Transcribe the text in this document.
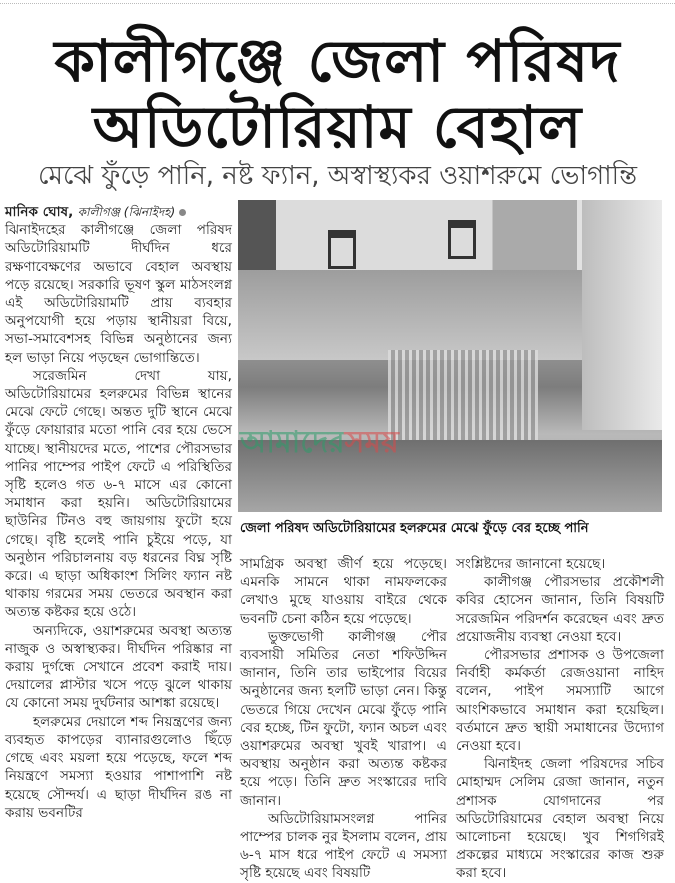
কালীগঞ্জে জেলা পরিষদ
অডিটোরিয়াম বেহাল
মেঝে ফুঁড়ে পানি, নষ্ট ফ্যান, অস্বাস্থ্যকর ওয়াশরুমে ভোগান্তি

মানিক ঘোষ, কালীগঞ্জ (ঝিনাইদহ)
ঝিনাইদহের কালীগঞ্জে জেলা পরিষদ অডিটোরিয়ামটি দীর্ঘদিন ধরে রক্ষণাবেক্ষণের অভাবে বেহাল অবস্থায় পড়ে রয়েছে। সরকারি ভূষণ স্কুল মাঠসংলগ্ন এই অডিটোরিয়ামটি প্রায় ব্যবহার অনুপযোগী হয়ে পড়ায় স্থানীয়রা বিয়ে, সভা-সমাবেশসহ বিভিন্ন অনুষ্ঠানের জন্য হল ভাড়া নিয়ে পড়ছেন ভোগান্তিতে।

সরেজমিন দেখা যায়, অডিটোরিয়ামের হলরুমের বিভিন্ন স্থানের মেঝে ফেটে গেছে। অন্তত দুটি স্থানে মেঝে ফুঁড়ে ফোয়ারার মতো পানি বের হয়ে ভেসে যাচ্ছে। স্থানীয়দের মতে, পাশের পৌরসভার পানির পাম্পের পাইপ ফেটে এ পরিস্থিতির সৃষ্টি হলেও গত ৬-৭ মাসে এর কোনো সমাধান করা হয়নি। অডিটোরিয়ামের ছাউনির টিনও বহু জায়গায় ফুটো হয়ে গেছে। বৃষ্টি হলেই পানি চুইয়ে পড়ে, যা অনুষ্ঠান পরিচালনায় বড় ধরনের বিঘ্ন সৃষ্টি করে। এ ছাড়া অধিকাংশ সিলিং ফ্যান নষ্ট থাকায় গরমের সময় ভেতরে অবস্থান করা অত্যন্ত কষ্টকর হয়ে ওঠে।

অন্যদিকে, ওয়াশরুমের অবস্থা অত্যন্ত নাজুক ও অস্বাস্থ্যকর। দীর্ঘদিন পরিষ্কার না করায় দুর্গন্ধে সেখানে প্রবেশ করাই দায়। দেয়ালের প্লাস্টার খসে পড়ে ঝুলে থাকায় যে কোনো সময় দুর্ঘটনার আশঙ্কা রয়েছে।

হলরুমের দেয়ালে শব্দ নিয়ন্ত্রণের জন্য ব্যবহৃত কাপড়ের ব্যানারগুলোও ছিঁড়ে গেছে এবং ময়লা হয়ে পড়েছে, ফলে শব্দ নিয়ন্ত্রণে সমস্যা হওয়ার পাশাপাশি নষ্ট হয়েছে সৌন্দর্য। এ ছাড়া দীর্ঘদিন রঙ না করায় ভবনটির

আমাদেরসময়
জেলা পরিষদ অডিটোরিয়ামের হলরুমের মেঝে ফুঁড়ে বের হচ্ছে পানি

সামগ্রিক অবস্থা জীর্ণ হয়ে পড়েছে। এমনকি সামনে থাকা নামফলকের লেখাও মুছে যাওয়ায় বাইরে থেকে ভবনটি চেনা কঠিন হয়ে পড়েছে।

ভুক্তভোগী কালীগঞ্জ পৌর ব্যবসায়ী সমিতির নেতা শফিউদ্দিন জানান, তিনি তার ভাইপোর বিয়ের অনুষ্ঠানের জন্য হলটি ভাড়া নেন। কিন্তু ভেতরে গিয়ে দেখেন মেঝে ফুঁড়ে পানি বের হচ্ছে, টিন ফুটো, ফ্যান অচল এবং ওয়াশরুমের অবস্থা খুবই খারাপ। এ অবস্থায় অনুষ্ঠান করা অত্যন্ত কষ্টকর হয়ে পড়ে। তিনি দ্রুত সংস্কারের দাবি জানান।

অডিটোরিয়ামসংলগ্ন পানির পাম্পের চালক নুর ইসলাম বলেন, প্রায় ৬-৭ মাস ধরে পাইপ ফেটে এ সমস্যা সৃষ্টি হয়েছে এবং বিষয়টি

সংশ্লিষ্টদের জানানো হয়েছে।

কালীগঞ্জ পৌরসভার প্রকৌশলী কবির হোসেন জানান, তিনি বিষয়টি সরেজমিন পরিদর্শন করেছেন এবং দ্রুত প্রয়োজনীয় ব্যবস্থা নেওয়া হবে।

পৌরসভার প্রশাসক ও উপজেলা নির্বাহী কর্মকর্তা রেজওয়ানা নাহিদ বলেন, পাইপ সমস্যাটি আগে আংশিকভাবে সমাধান করা হয়েছিল। বর্তমানে দ্রুত স্থায়ী সমাধানের উদ্যোগ নেওয়া হবে।

ঝিনাইদহ জেলা পরিষদের সচিব মোহাম্মদ সেলিম রেজা জানান, নতুন প্রশাসক যোগদানের পর অডিটোরিয়ামের বেহাল অবস্থা নিয়ে আলোচনা হয়েছে। খুব শিগগিরই প্রকল্পের মাধ্যমে সংস্কারের কাজ শুরু করা হবে।
